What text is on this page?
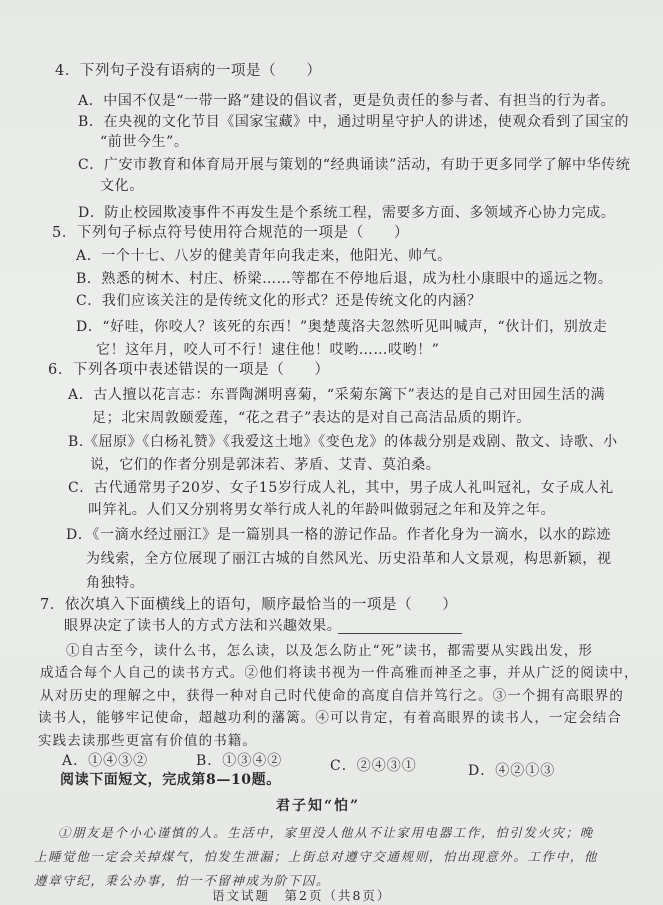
4．下列句子没有语病的一项是（　　）
A．中国不仅是“一带一路”建设的倡议者，更是负责任的参与者、有担当的行为者。
B．在央视的文化节目《国家宝藏》中，通过明星守护人的讲述，使观众看到了国宝的
“前世今生”。
C．广安市教育和体育局开展与策划的“经典诵读”活动，有助于更多同学了解中华传统
文化。
D．防止校园欺凌事件不再发生是个系统工程，需要多方面、多领域齐心协力完成。
5．下列句子标点符号使用符合规范的一项是（　　）
A．一个十七、八岁的健美青年向我走来，他阳光、帅气。
B．熟悉的树木、村庄、桥梁……等都在不停地后退，成为杜小康眼中的遥远之物。
C．我们应该关注的是传统文化的形式？还是传统文化的内涵？
D．“好哇，你咬人？该死的东西！”奥楚蔑洛夫忽然听见叫喊声，“伙计们，别放走
它！这年月，咬人可不行！逮住他！哎哟……哎哟！”
6．下列各项中表述错误的一项是（　　）
A．古人擅以花言志：东晋陶渊明喜菊，“采菊东篱下”表达的是自己对田园生活的满
足；北宋周敦颐爱莲，“花之君子”表达的是对自己高洁品质的期许。
B.《屈原》《白杨礼赞》《我爱这土地》《变色龙》的体裁分别是戏剧、散文、诗歌、小
说，它们的作者分别是郭沫若、茅盾、艾青、莫泊桑。
C．古代通常男子20岁、女子15岁行成人礼，其中，男子成人礼叫冠礼，女子成人礼
叫笄礼。人们又分别将男女举行成人礼的年龄叫做弱冠之年和及笄之年。
D．《一滴水经过丽江》是一篇别具一格的游记作品。作者化身为一滴水，以水的踪迹
为线索，全方位展现了丽江古城的自然风光、历史沿革和人文景观，构思新颖，视
角独特。
7．依次填入下面横线上的语句，顺序最恰当的一项是（　　）
眼界决定了读书人的方式方法和兴趣效果。
①自古至今，读什么书，怎么读，以及怎么防止“死”读书，都需要从实践出发，形
成适合每个人自己的读书方式。②他们将读书视为一件高雅而神圣之事，并从广泛的阅读中，
从对历史的理解之中，获得一种对自己时代使命的高度自信并笃行之。③一个拥有高眼界的
读书人，能够牢记使命，超越功利的藩篱。④可以肯定，有着高眼界的读书人，一定会结合
实践去读那些更富有价值的书籍。
A．①④③②	B．①③④②	C．②④③①	D．④②①③
阅读下面短文，完成第8—10题。
君子知“怕”
①朋友是个小心谨慎的人。生活中，家里没人他从不让家用电器工作，怕引发火灾；晚
上睡觉他一定会关掉煤气，怕发生泄漏；上街总对遵守交通规则，怕出现意外。工作中，他
遵章守纪，秉公办事，怕一不留神成为阶下囚。
语文试题　第2页（共8页）
